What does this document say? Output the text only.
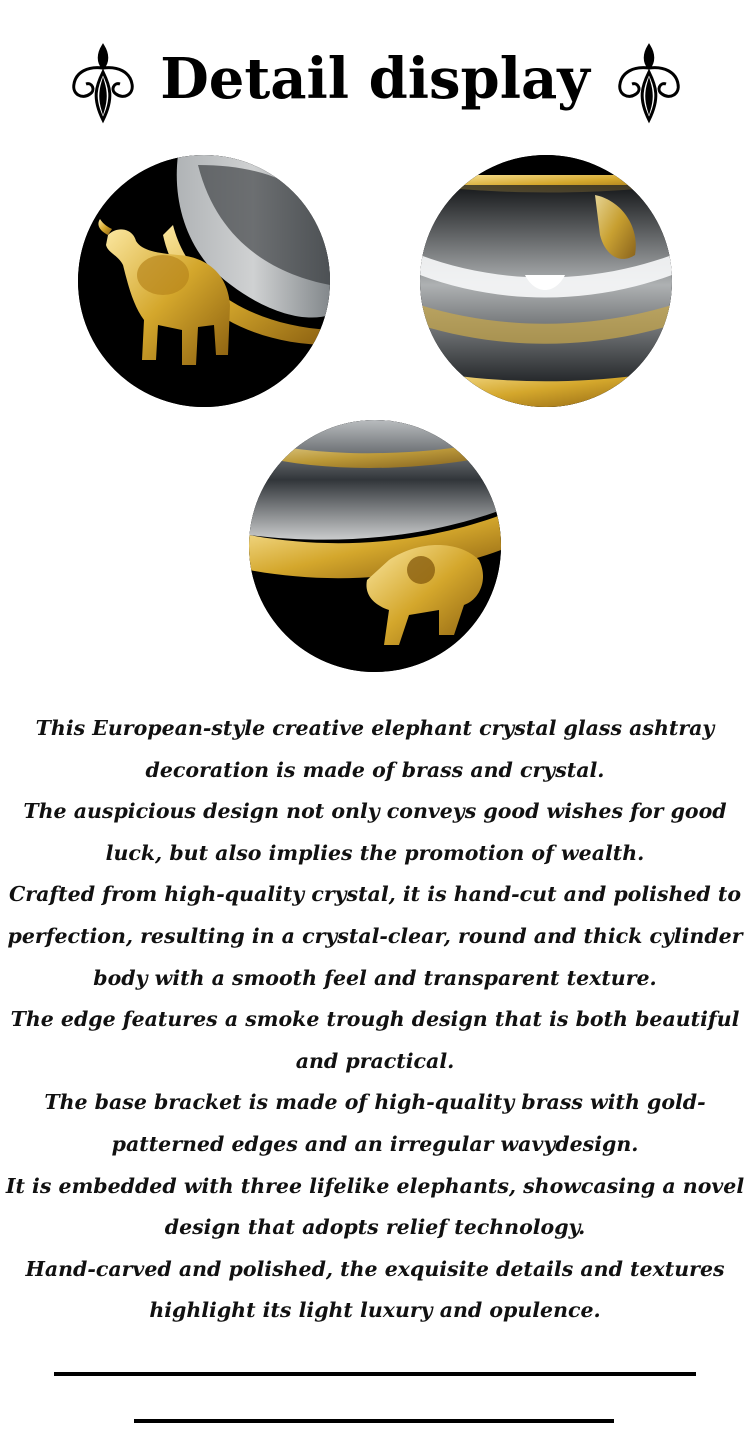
Detail display

This European-style creative elephant crystal glass ashtray decoration is made of brass and crystal.

The auspicious design not only conveys good wishes for good luck, but also implies the promotion of wealth.

Crafted from high-quality crystal, it is hand-cut and polished to perfection, resulting in a crystal-clear, round and thick cylinder body with a smooth feel and transparent texture.

The edge features a smoke trough design that is both beautiful and practical.

The base bracket is made of high-quality brass with gold-patterned edges and an irregular wavydesign.

It is embedded with three lifelike elephants, showcasing a novel design that adopts relief technology.

Hand-carved and polished, the exquisite details and textures highlight its light luxury and opulence.
